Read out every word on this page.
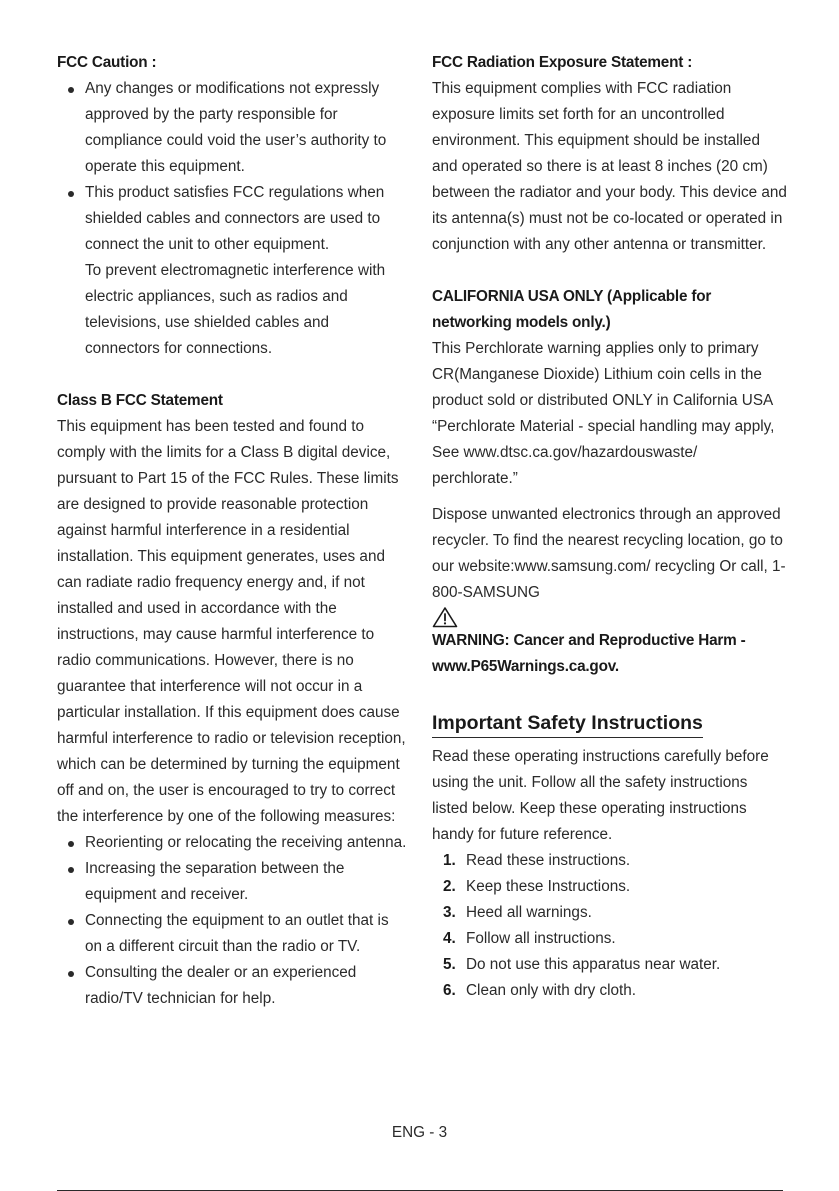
FCC Caution :

Any changes or modifications not expressly approved by the party responsible for compliance could void the user’s authority to operate this equipment.
This product satisfies FCC regulations when shielded cables and connectors are used to connect the unit to other equipment.
To prevent electromagnetic interference with electric appliances, such as radios and televisions, use shielded cables and connectors for connections.

Class B FCC Statement

This equipment has been tested and found to comply with the limits for a Class B digital device, pursuant to Part 15 of the FCC Rules. These limits are designed to provide reasonable protection against harmful interference in a residential installation. This equipment generates, uses and can radiate radio frequency energy and, if not installed and used in accordance with the instructions, may cause harmful interference to radio communications. However, there is no guarantee that interference will not occur in a particular installation. If this equipment does cause harmful interference to radio or television reception, which can be determined by turning the equipment off and on, the user is encouraged to try to correct the interference by one of the following measures:

Reorienting or relocating the receiving antenna.
Increasing the separation between the equipment and receiver.
Connecting the equipment to an outlet that is on a different circuit than the radio or TV.
Consulting the dealer or an experienced radio/TV technician for help.

FCC Radiation Exposure Statement :

This equipment complies with FCC radiation exposure limits set forth for an uncontrolled environment. This equipment should be installed and operated so there is at least 8 inches (20 cm) between the radiator and your body. This device and its antenna(s) must not be co-located or operated in conjunction with any other antenna or transmitter.

CALIFORNIA USA ONLY (Applicable for networking models only.)

This Perchlorate warning applies only to primary CR(Manganese Dioxide) Lithium coin cells in the product sold or distributed ONLY in California USA “Perchlorate Material - special handling may apply, See www.dtsc.ca.gov/hazardouswaste/ perchlorate.”

Dispose unwanted electronics through an approved recycler. To find the nearest recycling location, go to our website:www.samsung.com/ recycling Or call, 1-800-SAMSUNG

WARNING: Cancer and Reproductive Harm - www.P65Warnings.ca.gov.

Important Safety Instructions

Read these operating instructions carefully before using the unit. Follow all the safety instructions listed below. Keep these operating instructions handy for future reference.

1. Read these instructions.
2. Keep these Instructions.
3. Heed all warnings.
4. Follow all instructions.
5. Do not use this apparatus near water.
6. Clean only with dry cloth.
ENG - 3
